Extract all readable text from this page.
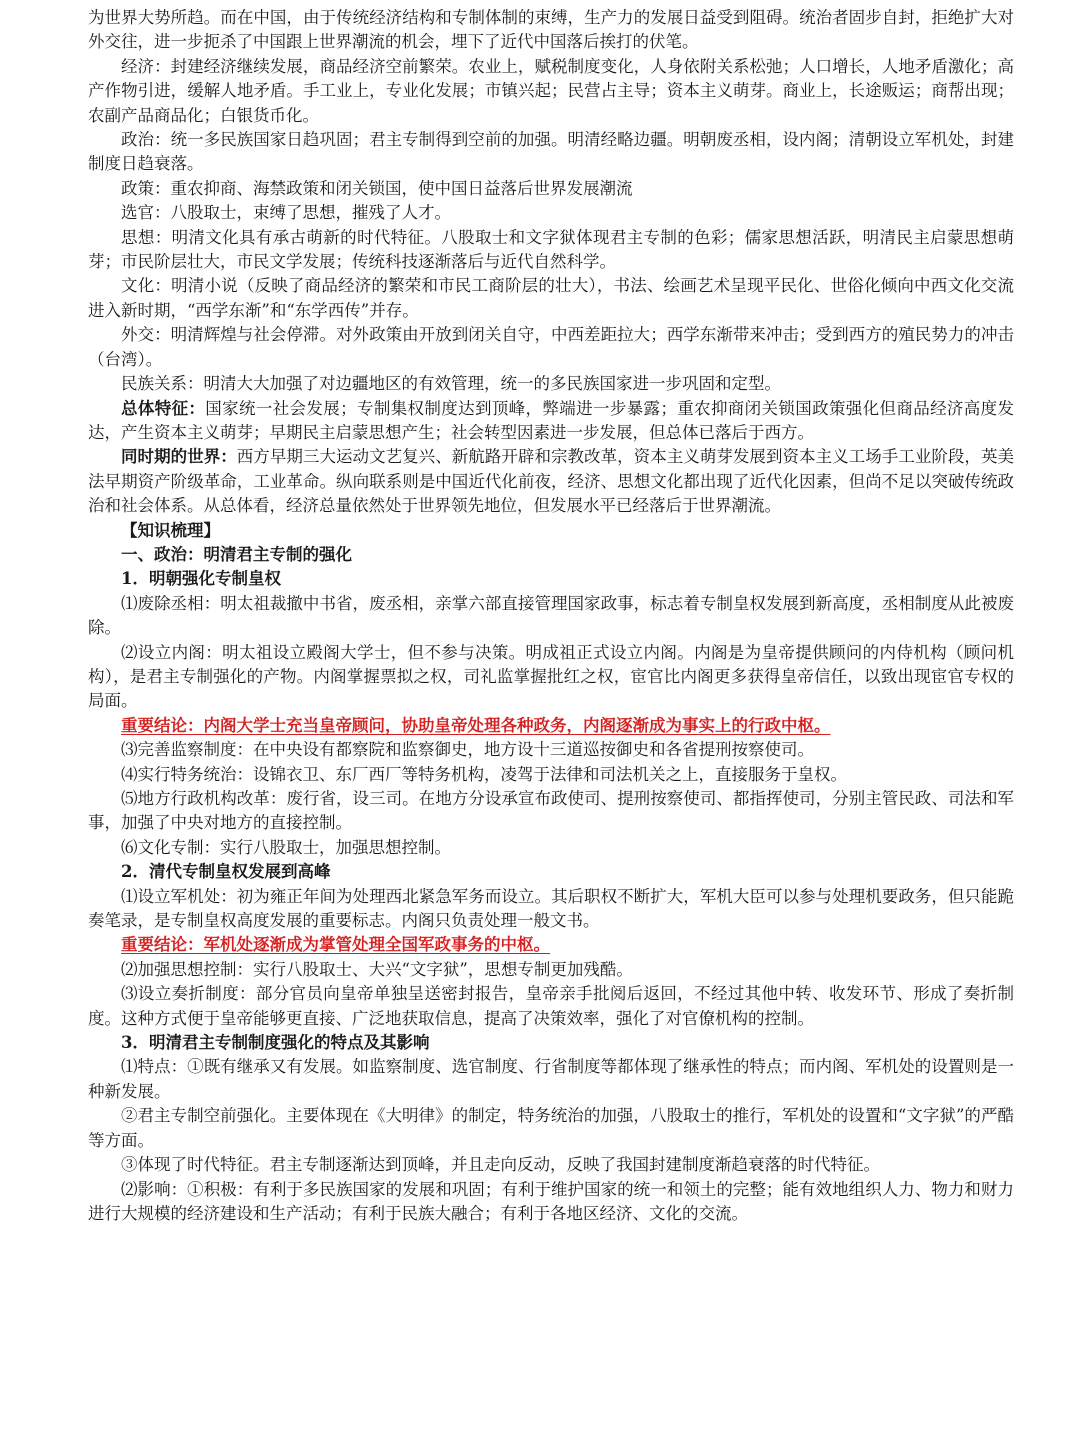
为世界大势所趋。而在中国，由于传统经济结构和专制体制的束缚，生产力的发展日益受到阻碍。统治者固步自封，拒绝扩大对外交往，进一步扼杀了中国跟上世界潮流的机会，埋下了近代中国落后挨打的伏笔。

经济：封建经济继续发展，商品经济空前繁荣。农业上，赋税制度变化，人身依附关系松弛；人口增长，人地矛盾激化；高产作物引进，缓解人地矛盾。手工业上，专业化发展；市镇兴起；民营占主导；资本主义萌芽。商业上，长途贩运；商帮出现；农副产品商品化；白银货币化。

政治：统一多民族国家日趋巩固；君主专制得到空前的加强。明清经略边疆。明朝废丞相，设内阁；清朝设立军机处，封建制度日趋衰落。

政策：重农抑商、海禁政策和闭关锁国，使中国日益落后世界发展潮流

选官：八股取士，束缚了思想，摧残了人才。

思想：明清文化具有承古萌新的时代特征。八股取士和文字狱体现君主专制的色彩；儒家思想活跃，明清民主启蒙思想萌芽；市民阶层壮大，市民文学发展；传统科技逐渐落后与近代自然科学。

文化：明清小说（反映了商品经济的繁荣和市民工商阶层的壮大），书法、绘画艺术呈现平民化、世俗化倾向中西文化交流进入新时期，“西学东渐”和“东学西传”并存。

外交：明清辉煌与社会停滞。对外政策由开放到闭关自守，中西差距拉大；西学东渐带来冲击；受到西方的殖民势力的冲击（台湾）。

民族关系：明清大大加强了对边疆地区的有效管理，统一的多民族国家进一步巩固和定型。

总体特征：国家统一社会发展；专制集权制度达到顶峰，弊端进一步暴露；重农抑商闭关锁国政策强化但商品经济高度发达，产生资本主义萌芽；早期民主启蒙思想产生；社会转型因素进一步发展，但总体已落后于西方。

同时期的世界：西方早期三大运动文艺复兴、新航路开辟和宗教改革，资本主义萌芽发展到资本主义工场手工业阶段，英美法早期资产阶级革命，工业革命。纵向联系则是中国近代化前夜，经济、思想文化都出现了近代化因素，但尚不足以突破传统政治和社会体系。从总体看，经济总量依然处于世界领先地位，但发展水平已经落后于世界潮流。

【知识梳理】

一、政治：明清君主专制的强化

1．明朝强化专制皇权

⑴废除丞相：明太祖裁撤中书省，废丞相，亲掌六部直接管理国家政事，标志着专制皇权发展到新高度，丞相制度从此被废除。

⑵设立内阁：明太祖设立殿阁大学士，但不参与决策。明成祖正式设立内阁。内阁是为皇帝提供顾问的内侍机构（顾问机构），是君主专制强化的产物。内阁掌握票拟之权，司礼监掌握批红之权，宦官比内阁更多获得皇帝信任，以致出现宦官专权的局面。

重要结论：内阁大学士充当皇帝顾问，协助皇帝处理各种政务，内阁逐渐成为事实上的行政中枢。

⑶完善监察制度：在中央设有都察院和监察御史，地方设十三道巡按御史和各省提刑按察使司。

⑷实行特务统治：设锦衣卫、东厂西厂等特务机构，凌驾于法律和司法机关之上，直接服务于皇权。

⑸地方行政机构改革：废行省，设三司。在地方分设承宣布政使司、提刑按察使司、都指挥使司，分别主管民政、司法和军事，加强了中央对地方的直接控制。

⑹文化专制：实行八股取士，加强思想控制。

2．清代专制皇权发展到高峰

⑴设立军机处：初为雍正年间为处理西北紧急军务而设立。其后职权不断扩大，军机大臣可以参与处理机要政务，但只能跪奏笔录，是专制皇权高度发展的重要标志。内阁只负责处理一般文书。

重要结论：军机处逐渐成为掌管处理全国军政事务的中枢。

⑵加强思想控制：实行八股取士、大兴“文字狱”，思想专制更加残酷。

⑶设立奏折制度：部分官员向皇帝单独呈送密封报告，皇帝亲手批阅后返回，不经过其他中转、收发环节、形成了奏折制度。这种方式便于皇帝能够更直接、广泛地获取信息，提高了决策效率，强化了对官僚机构的控制。

3．明清君主专制制度强化的特点及其影响

⑴特点：①既有继承又有发展。如监察制度、选官制度、行省制度等都体现了继承性的特点；而内阁、军机处的设置则是一种新发展。

②君主专制空前强化。主要体现在《大明律》的制定，特务统治的加强，八股取士的推行，军机处的设置和“文字狱”的严酷等方面。

③体现了时代特征。君主专制逐渐达到顶峰，并且走向反动，反映了我国封建制度渐趋衰落的时代特征。

⑵影响：①积极：有利于多民族国家的发展和巩固；有利于维护国家的统一和领土的完整；能有效地组织人力、物力和财力进行大规模的经济建设和生产活动；有利于民族大融合；有利于各地区经济、文化的交流。
